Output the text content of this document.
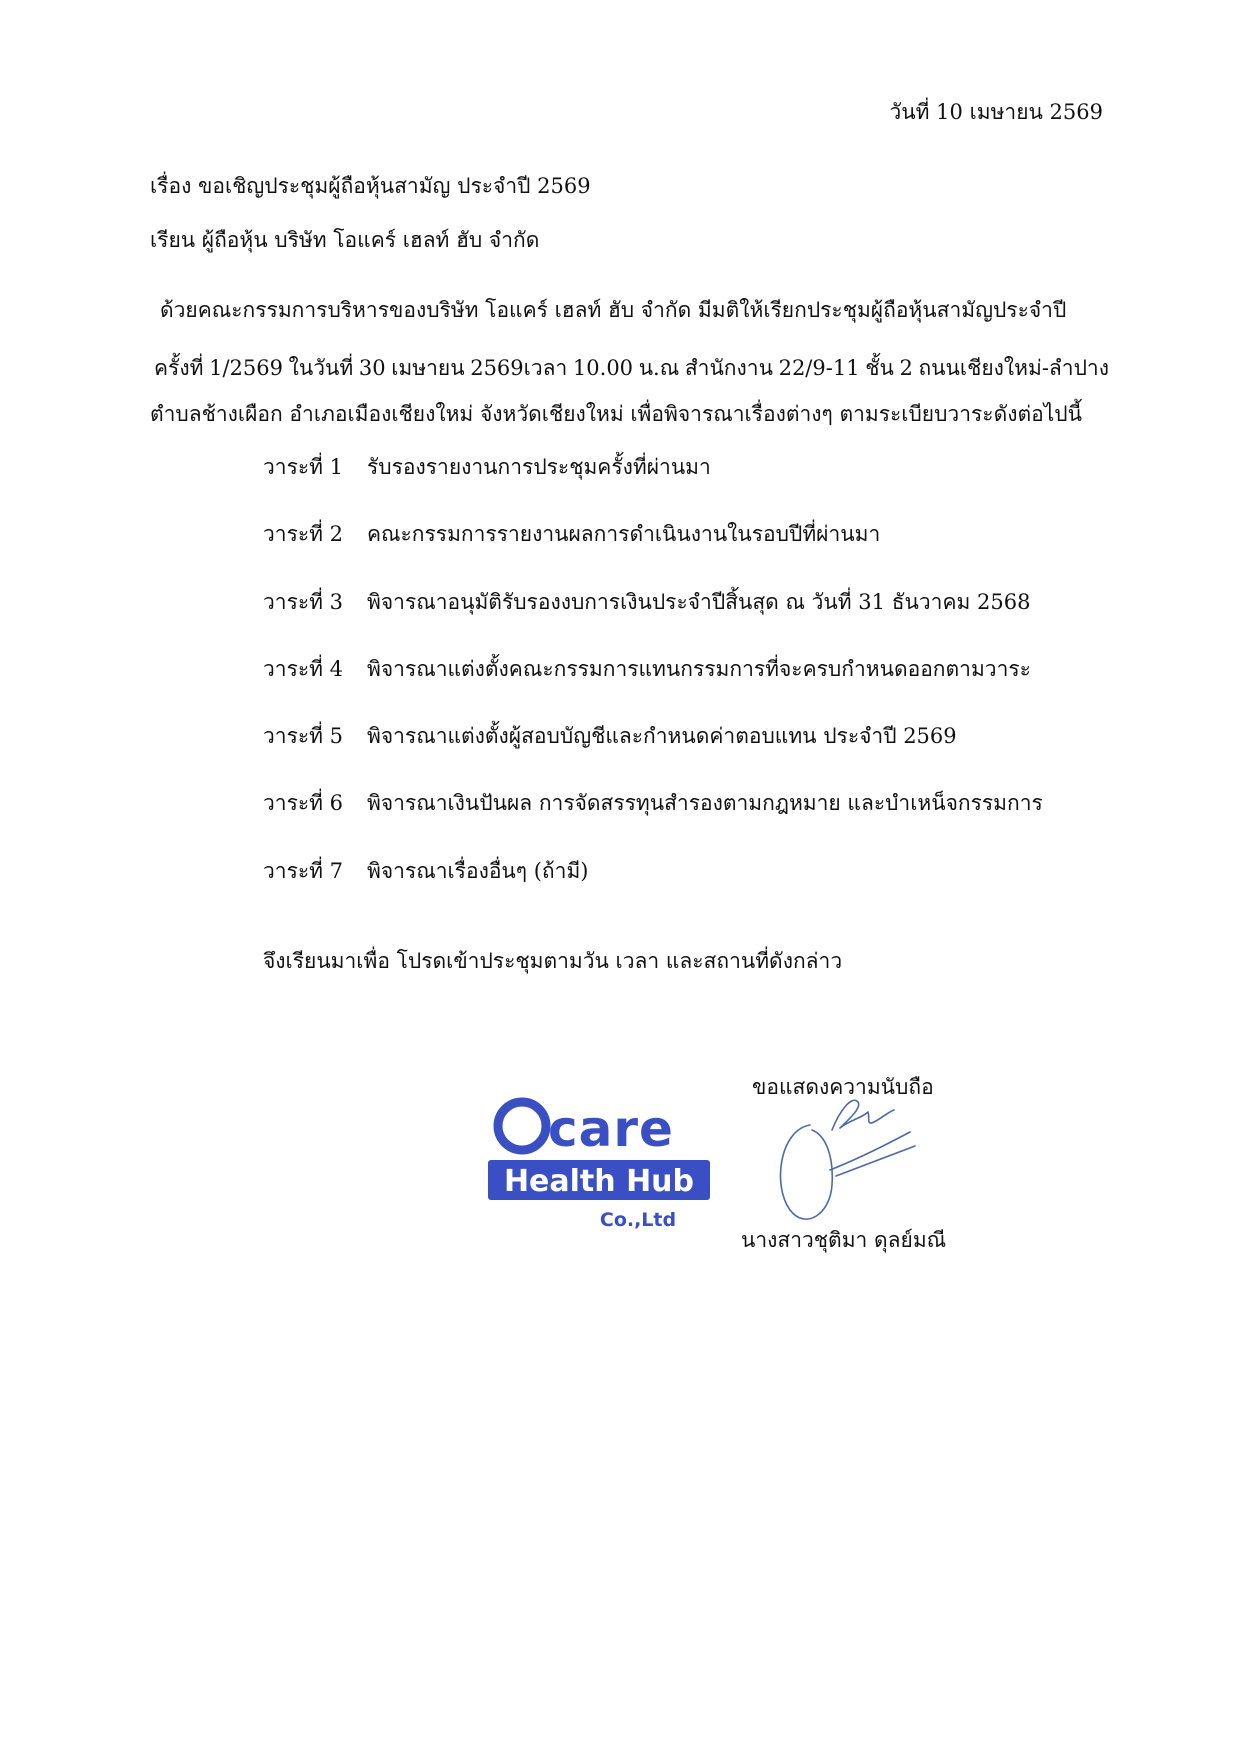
วันที่ 10 เมษายน 2569
เรื่อง ขอเชิญประชุมผู้ถือหุ้นสามัญ ประจำปี 2569
เรียน ผู้ถือหุ้น บริษัท โอแคร์ เฮลท์ ฮับ จำกัด
ด้วยคณะกรรมการบริหารของบริษัท โอแคร์ เฮลท์ ฮับ จำกัด มีมติให้เรียกประชุมผู้ถือหุ้นสามัญประจำปี
ครั้งที่ 1/2569 ในวันที่ 30 เมษายน 2569เวลา 10.00 น.ณ สำนักงาน 22/9-11 ชั้น 2 ถนนเชียงใหม่-ลำปาง
ตำบลช้างเผือก อำเภอเมืองเชียงใหม่ จังหวัดเชียงใหม่ เพื่อพิจารณาเรื่องต่างๆ ตามระเบียบวาระดังต่อไปนี้
วาระที่ 1 รับรองรายงานการประชุมครั้งที่ผ่านมา
วาระที่ 2 คณะกรรมการรายงานผลการดำเนินงานในรอบปีที่ผ่านมา
วาระที่ 3 พิจารณาอนุมัติรับรองงบการเงินประจำปีสิ้นสุด ณ วันที่ 31 ธันวาคม 2568
วาระที่ 4 พิจารณาแต่งตั้งคณะกรรมการแทนกรรมการที่จะครบกำหนดออกตามวาระ
วาระที่ 5 พิจารณาแต่งตั้งผู้สอบบัญชีและกำหนดค่าตอบแทน ประจำปี 2569
วาระที่ 6 พิจารณาเงินปันผล การจัดสรรทุนสำรองตามกฎหมาย และบำเหน็จกรรมการ
วาระที่ 7 พิจารณาเรื่องอื่นๆ (ถ้ามี)
จึงเรียนมาเพื่อ โปรดเข้าประชุมตามวัน เวลา และสถานที่ดังกล่าว
ขอแสดงความนับถือ
care
Health Hub
Co.,Ltd
นางสาวชุติมา ดุลย์มณี
